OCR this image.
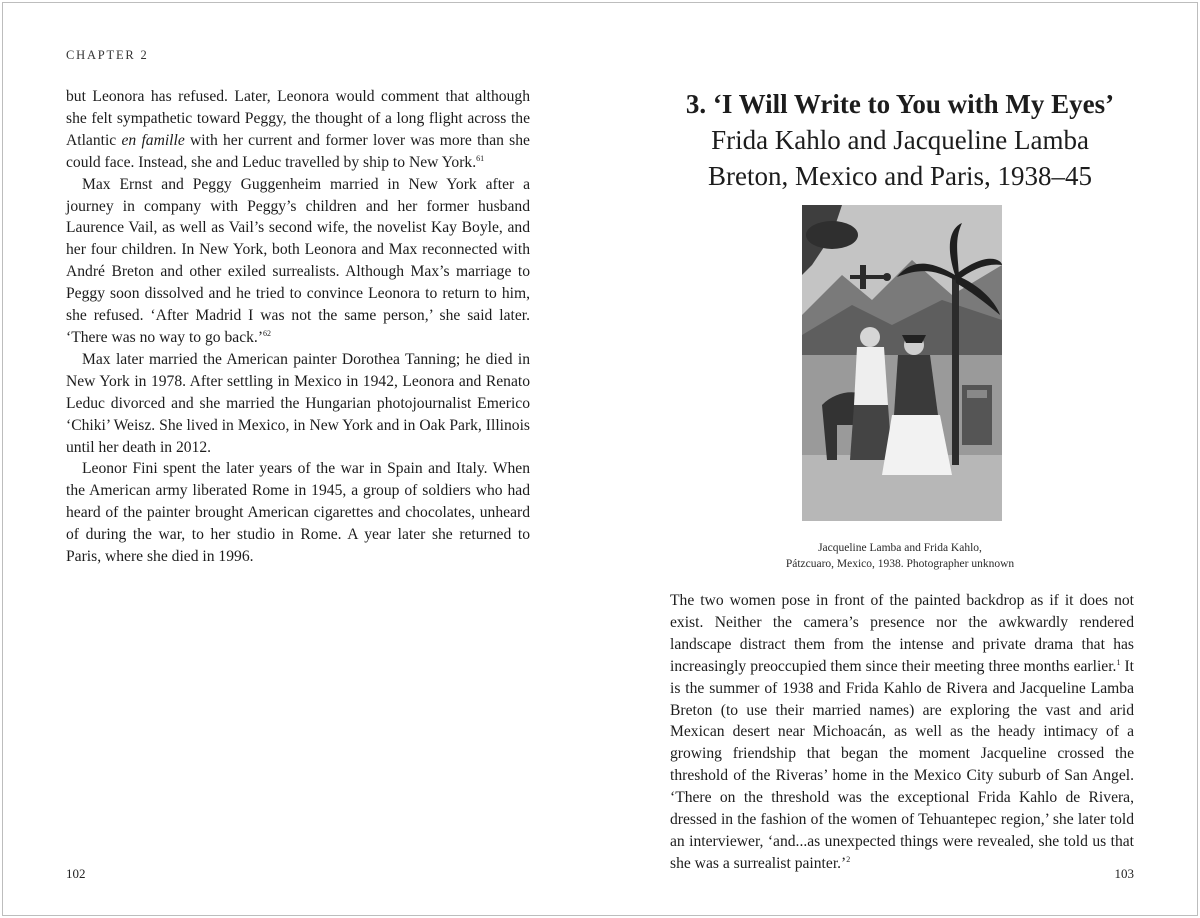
CHAPTER 2

but Leonora has refused. Later, Leonora would comment that although she felt sympathetic toward Peggy, the thought of a long flight across the Atlantic en famille with her current and former lover was more than she could face. Instead, she and Leduc travelled by ship to New York.$^{61}$

Max Ernst and Peggy Guggenheim married in New York after a journey in company with Peggy’s children and her former husband Laurence Vail, as well as Vail’s second wife, the novelist Kay Boyle, and her four children. In New York, both Leonora and Max reconnected with André Breton and other exiled surrealists. Although Max’s marriage to Peggy soon dissolved and he tried to convince Leonora to return to him, she refused. ‘After Madrid I was not the same person,’ she said later. ‘There was no way to go back.’$^{62}$

Max later married the American painter Dorothea Tanning; he died in New York in 1978. After settling in Mexico in 1942, Leonora and Renato Leduc divorced and she married the Hungarian photojournalist Emerico ‘Chiki’ Weisz. She lived in Mexico, in New York and in Oak Park, Illinois until her death in 2012.

Leonor Fini spent the later years of the war in Spain and Italy. When the American army liberated Rome in 1945, a group of soldiers who had heard of the painter brought American cigarettes and chocolates, unheard of during the war, to her studio in Rome. A year later she returned to Paris, where she died in 1996.

102

3. ‘I Will Write to You with My Eyes’

Frida Kahlo and Jacqueline Lamba

Breton, Mexico and Paris, 1938–45

Jacqueline Lamba and Frida Kahlo,
Pátzcuaro, Mexico, 1938. Photographer unknown

The two women pose in front of the painted backdrop as if it does not exist. Neither the camera’s presence nor the awkwardly rendered landscape distract them from the intense and private drama that has increasingly preoccupied them since their meeting three months earlier.$^1$ It is the summer of 1938 and Frida Kahlo de Rivera and Jacqueline Lamba Breton (to use their married names) are exploring the vast and arid Mexican desert near Michoacán, as well as the heady intimacy of a growing friendship that began the moment Jacqueline crossed the threshold of the Riveras’ home in the Mexico City suburb of San Angel. ‘There on the threshold was the exceptional Frida Kahlo de Rivera, dressed in the fashion of the women of Tehuantepec region,’ she later told an interviewer, ‘and...as unexpected things were revealed, she told us that she was a surrealist painter.’$^2$

103
